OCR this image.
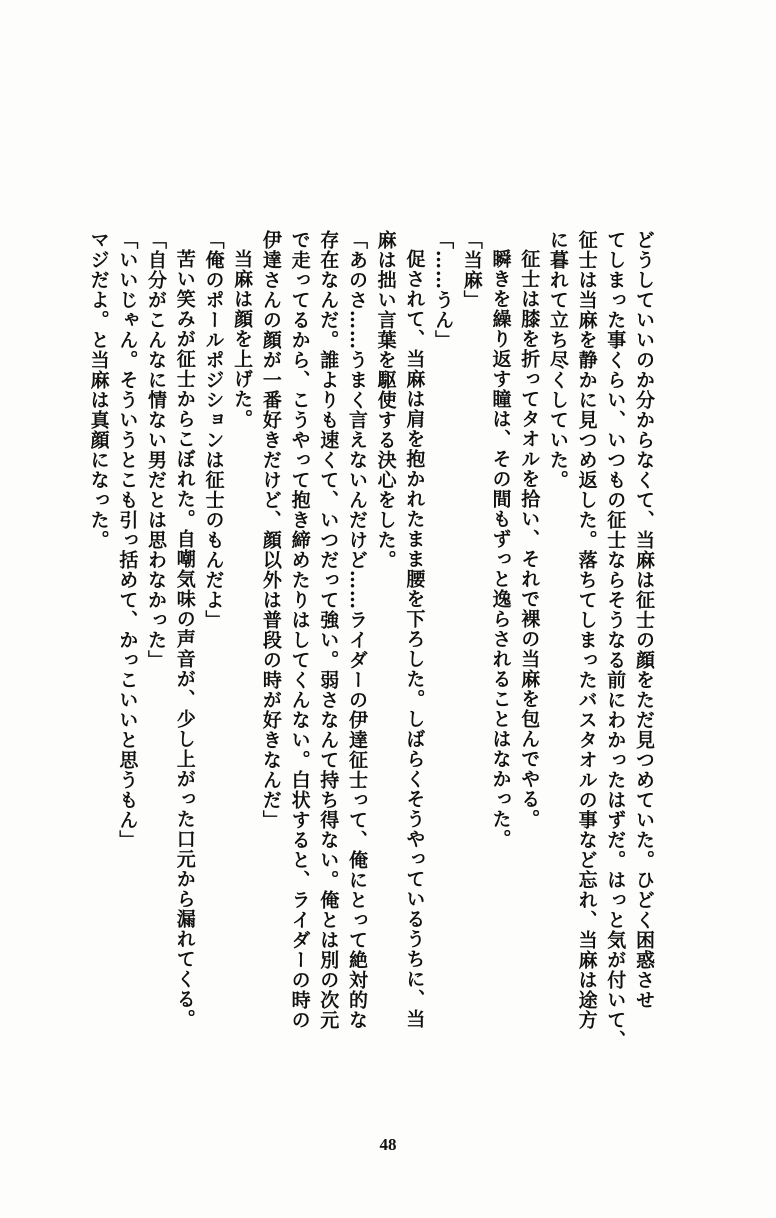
どうしていいのか分からなくて、当麻は征士の顔をただ見つめていた。ひどく困惑させ
てしまった事くらい、いつもの征士ならそうなる前にわかったはずだ。はっと気が付いて、
征士は当麻を静かに見つめ返した。落ちてしまったバスタオルの事など忘れ、当麻は途方
に暮れて立ち尽くしていた。
征士は膝を折ってタオルを拾い、それで裸の当麻を包んでやる。
瞬きを繰り返す瞳は、その間もずっと逸らされることはなかった。
「当麻」
「……うん」
促されて、当麻は肩を抱かれたまま腰を下ろした。しばらくそうやっているうちに、当
麻は拙い言葉を駆使する決心をした。
「あのさ……うまく言えないんだけど……ライダーの伊達征士って、俺にとって絶対的な
存在なんだ。誰よりも速くて、いつだって強い。弱さなんて持ち得ない。俺とは別の次元
で走ってるから、こうやって抱き締めたりはしてくんない。白状すると、ライダーの時の
伊達さんの顔が一番好きだけど、顔以外は普段の時が好きなんだ」
当麻は顔を上げた。
「俺のポールポジションは征士のもんだよ」
苦い笑みが征士からこぼれた。自嘲気味の声音が、少し上がった口元から漏れてくる。
「自分がこんなに情ない男だとは思わなかった」
「いいじゃん。そういうとこも引っ括めて、かっこいいと思うもん」
マジだよ。と当麻は真顔になった。
48
